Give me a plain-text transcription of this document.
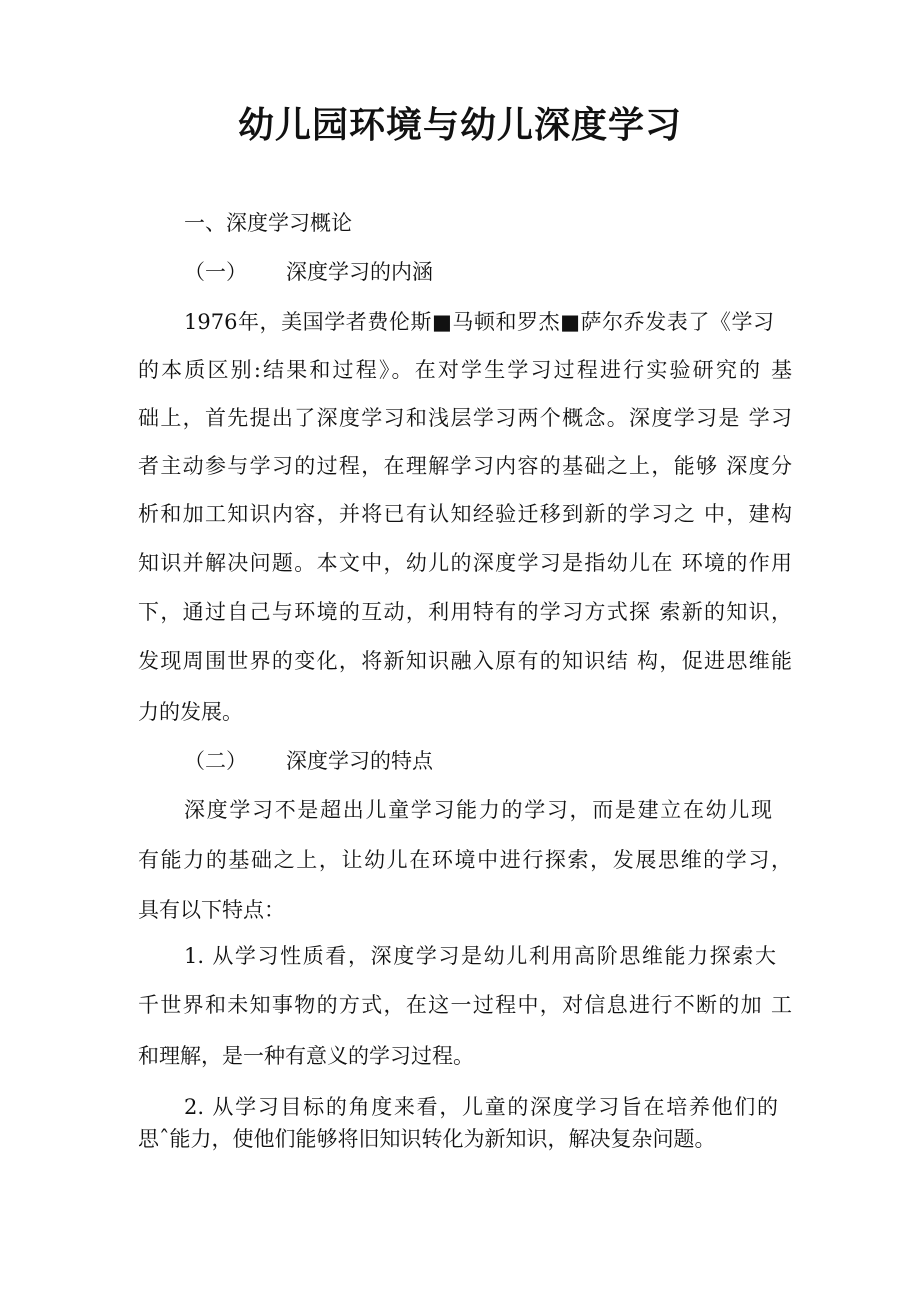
幼儿园环境与幼儿深度学习

一、深度学习概论

（一） 深度学习的内涵

1976年，美国学者费伦斯■马顿和罗杰■萨尔乔发表了《学习

的本质区别:结果和过程》。在对学生学习过程进行实验研究的 基

础上，首先提出了深度学习和浅层学习两个概念。深度学习是 学习

者主动参与学习的过程，在理解学习内容的基础之上，能够 深度分

析和加工知识内容，并将已有认知经验迁移到新的学习之 中，建构

知识并解决问题。本文中，幼儿的深度学习是指幼儿在 环境的作用

下，通过自己与环境的互动，利用特有的学习方式探 索新的知识，

发现周围世界的变化，将新知识融入原有的知识结 构，促进思维能

力的发展。

（二） 深度学习的特点

深度学习不是超出儿童学习能力的学习，而是建立在幼儿现

有能力的基础之上，让幼儿在环境中进行探索，发展思维的学习，

具有以下特点：

1. 从学习性质看，深度学习是幼儿利用高阶思维能力探索大

千世界和未知事物的方式，在这一过程中，对信息进行不断的加 工

和理解，是一种有意义的学习过程。

2. 从学习目标的角度来看，儿童的深度学习旨在培养他们的

思ˆ能力，使他们能够将旧知识转化为新知识，解决复杂问题。
